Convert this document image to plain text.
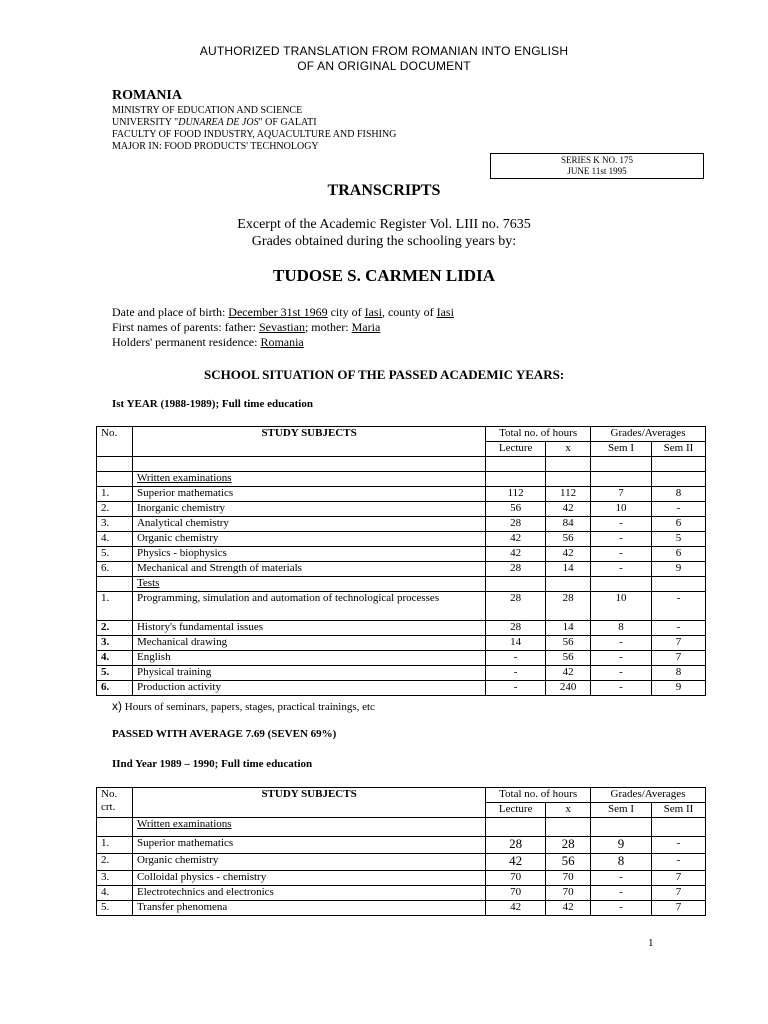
AUTHORIZED TRANSLATION FROM ROMANIAN INTO ENGLISH
OF AN ORIGINAL DOCUMENT
ROMANIA
MINISTRY OF EDUCATION AND SCIENCE
UNIVERSITY "DUNAREA DE JOS" OF GALATI
FACULTY OF FOOD INDUSTRY, AQUACULTURE AND FISHING
MAJOR IN: FOOD PRODUCTS' TECHNOLOGY
SERIES K NO. 175
JUNE 11st 1995
TRANSCRIPTS
Excerpt of the Academic Register Vol. LIII no. 7635
Grades obtained during the schooling years by:
TUDOSE S. CARMEN LIDIA
Date and place of birth: December 31st 1969 city of Iasi, county of Iasi
First names of parents: father: Sevastian; mother: Maria
Holders' permanent residence: Romania
SCHOOL SITUATION OF THE PASSED ACADEMIC YEARS:
Ist YEAR (1988-1989); Full time education
No.	STUDY SUBJECTS	Total no. of hours		Grades/Averages	
		Lecture	x	Sem I	Sem II

	Written examinations				
1.	Superior mathematics	112	112	7	8
2.	Inorganic chemistry	56	42	10	-
3.	Analytical chemistry	28	84	-	6
4.	Organic chemistry	42	56	-	5
5.	Physics - biophysics	42	42	-	6
6.	Mechanical and Strength of materials	28	14	-	9
	Tests				
1.	Programming, simulation and automation of technological processes	28	28	10	-
2.	History's fundamental issues	28	14	8	-
3.	Mechanical drawing	14	56	-	7
4.	English	-	56	-	7
5.	Physical training	-	42	-	8
6.	Production activity	-	240	-	9
x) Hours of seminars, papers, stages, practical trainings, etc
PASSED WITH AVERAGE 7.69 (SEVEN 69%)
IInd Year 1989 – 1990; Full time education
No.
crt.	STUDY SUBJECTS	Total no. of hours		Grades/Averages	
		Lecture	x	Sem I	Sem II
	Written examinations				
1.	Superior mathematics	28	28	9	-
2.	Organic chemistry	42	56	8	-
3.	Colloidal physics - chemistry	70	70	-	7
4.	Electrotechnics and electronics	70	70	-	7
5.	Transfer phenomena	42	42	-	7
1
